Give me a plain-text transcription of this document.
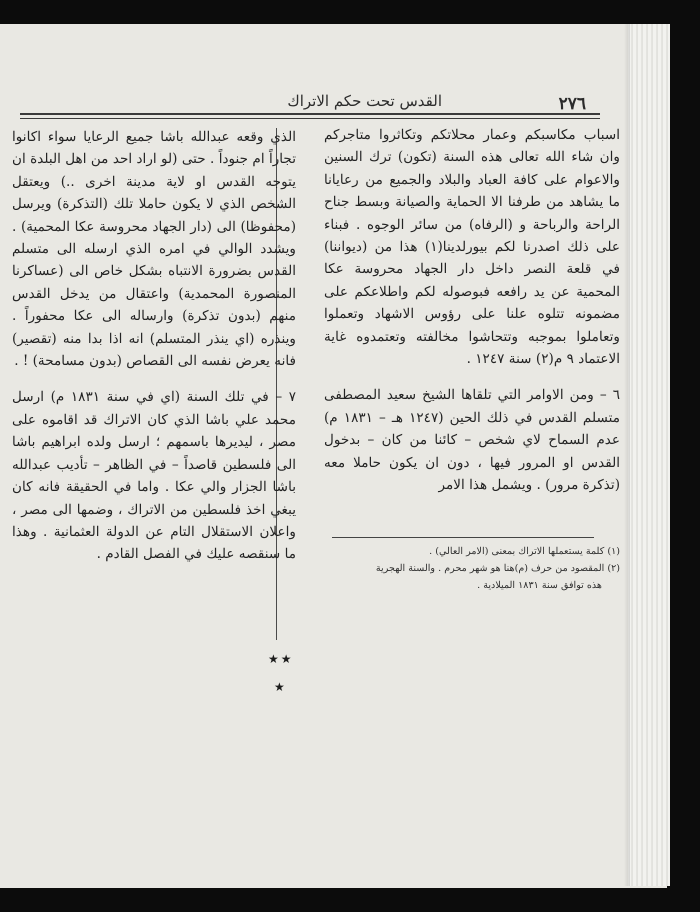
٢٧٦
القدس تحت حكم الاتراك

اسباب مكاسبكم وعمار محلاتكم وتكاثروا متاجركم وان شاء الله تعالى هذه السنة (تكون) ترك السنين والاعوام على كافة العباد والبلاد والجميع من رعايانا ما يشاهد من طرفنا الا الحماية والصيانة وبسط جناح الراحة والرباحة و (الرفاه) من سائر الوجوه . فبناء على ذلك اصدرنا لكم بيورلدينا(١) هذا من (ديواننا) في قلعة النصر داخل دار الجهاد محروسة عكا المحمية عن يد رافعه فبوصوله لكم واطلاعكم على مضمونه تتلوه علنا على رؤوس الاشهاد وتعملوا وتعاملوا بموجبه وتتحاشوا مخالفته وتعتمدوه غاية الاعتماد ٩ م(٢) سنة ١٢٤٧ .

٦ – ومن الاوامر التي تلقاها الشيخ سعيد المصطفى متسلم القدس في ذلك الحين (١٢٤٧ هـ – ١٨٣١ م) عدم السماح لاي شخص – كائنا من كان – بدخول القدس او المرور فيها ، دون ان يكون حاملا معه (تذكرة مرور) . ويشمل هذا الامر

الذي وقعه عبدالله باشا جميع الرعايا سواء اكانوا تجاراً ام جنوداً . حتى (لو اراد احد من اهل البلدة ان يتوجه القدس او لاية مدينة اخرى ..) ويعتقل الشخص الذي لا يكون حاملا تلك (التذكرة) ويرسل (محفوظا) الى (دار الجهاد محروسة عكا المحمية) . ويشدد الوالي في امره الذي ارسله الى متسلم القدس بضرورة الانتباه بشكل خاص الى (عساكرنا المنصورة المحمدية) واعتقال من يدخل القدس منهم (بدون تذكرة) وارساله الى عكا محفوراً . وينذره (اي ينذر المتسلم) انه اذا بدا منه (تقصير) فانه يعرض نفسه الى القصاص (بدون مسامحة) ! .

٧ – في تلك السنة (اي في سنة ١٨٣١ م) ارسل محمد علي باشا الذي كان الاتراك قد اقاموه على مصر ، ليديرها باسمهم ؛ ارسل ولده ابراهيم باشا الى فلسطين قاصداً – في الظاهر – تأديب عبدالله باشا الجزار والي عكا . واما في الحقيقة فانه كان يبغي اخذ فلسطين من الاتراك ، وضمها الى مصر ، واعلان الاستقلال التام عن الدولة العثمانية . وهذا ما سنقصه عليك في الفصل القادم .	(١) كلمة يستعملها الاتراك بمعنى (الامر العالي) .

(٢) المقصود من حرف (م)هنا هو شهر محرم . والسنة الهجرية

هذه توافق سنة ١٨٣١ الميلادية .

★★
★
